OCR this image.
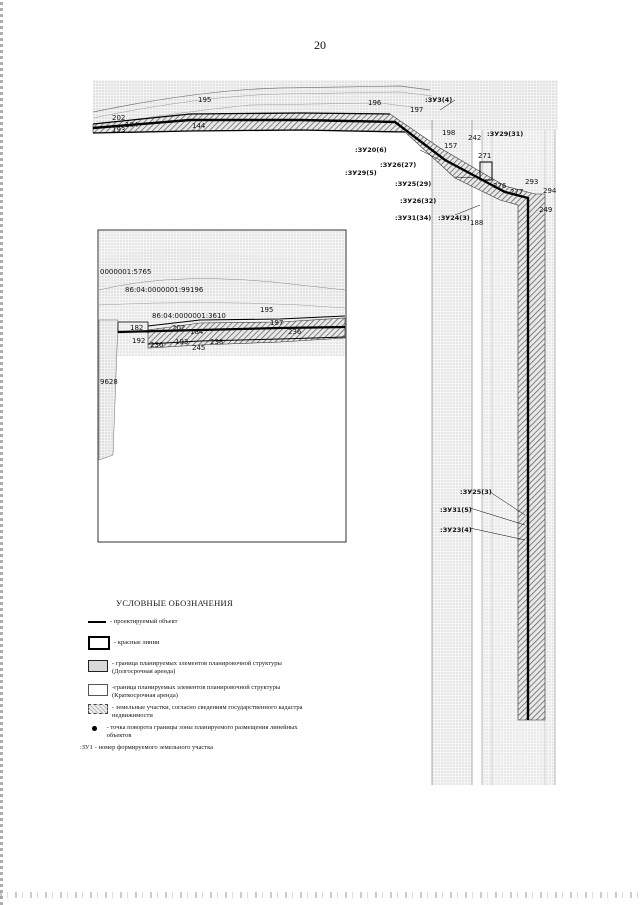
20
202
184
193
195
144
196
197
198
242
157
271
293
276
294
277
249
188
:ЗУ3(4)
:ЗУ29(31)
:ЗУ20(6)
:ЗУ26(27)
:ЗУ29(5)
:ЗУ25(29)
:ЗУ26(32)
:ЗУ31(34) :ЗУ24(3)
:ЗУ25(3)
:ЗУ31(5)
:ЗУ23(4)
0000001:5765
86:04:0000001:99196
86:04:0000001:3610
9628
195
182	202 184
193
245
236
192
197
236
238
УСЛОВНЫЕ ОБОЗНАЧЕНИЯ
- проектируемый объект
- красные линии
- граница планируемых элементов планировочной структуры (Долгосрочная аренда)
-граница планируемых элементов планировочной структуры (Краткосрочная аренда)
- земельные участки, согласно сведениям государственного кадастра недвижимости
- точка поворота границы зоны планируемого размещения линейных объектов
:ЗУ1 - номер формируемого земельного участка
